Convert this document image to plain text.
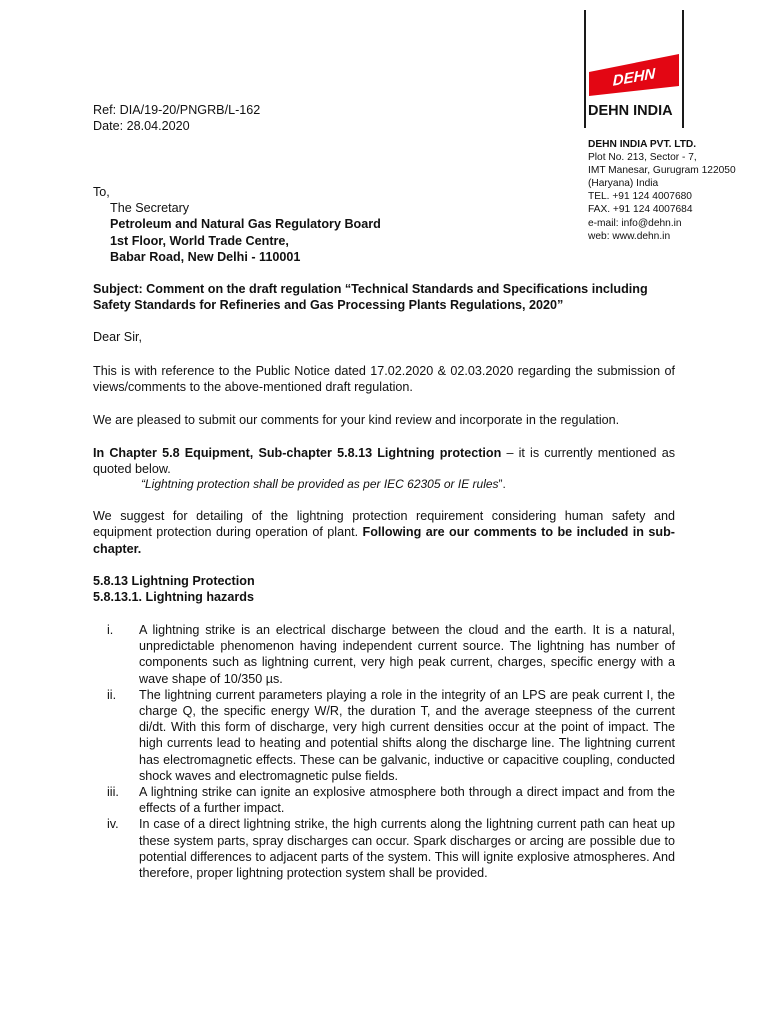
DEHN
DEHN INDIA
DEHN INDIA PVT. LTD.
Plot No. 213, Sector - 7,
IMT Manesar, Gurugram 122050
(Haryana) India
TEL. +91 124 4007680
FAX. +91 124 4007684
e-mail: info@dehn.in
web: www.dehn.in
Ref: DIA/19-20/PNGRB/L-162
Date: 28.04.2020
To,
The Secretary
Petroleum and Natural Gas Regulatory Board
1st Floor, World Trade Centre,
Babar Road, New Delhi - 110001
Subject: Comment on the draft regulation “Technical Standards and Specifications including Safety Standards for Refineries and Gas Processing Plants Regulations, 2020”
Dear Sir,
This is with reference to the Public Notice dated 17.02.2020 & 02.03.2020 regarding the submission of views/comments to the above-mentioned draft regulation.
We are pleased to submit our comments for your kind review and incorporate in the regulation.
In Chapter 5.8 Equipment, Sub-chapter 5.8.13 Lightning protection – it is currently mentioned as quoted below.
“Lightning protection shall be provided as per IEC 62305 or IE rules”.
We suggest for detailing of the lightning protection requirement considering human safety and equipment protection during operation of plant. Following are our comments to be included in sub-chapter.
5.8.13 Lightning Protection
5.8.13.1. Lightning hazards
i.	A lightning strike is an electrical discharge between the cloud and the earth. It is a natural, unpredictable phenomenon having independent current source. The lightning has number of components such as lightning current, very high peak current, charges, specific energy with a wave shape of 10/350 µs.
ii.	The lightning current parameters playing a role in the integrity of an LPS are peak current I, the charge Q, the specific energy W/R, the duration T, and the average steepness of the current di/dt. With this form of discharge, very high current densities occur at the point of impact. The high currents lead to heating and potential shifts along the discharge line. The lightning current has electromagnetic effects. These can be galvanic, inductive or capacitive coupling, conducted shock waves and electromagnetic pulse fields.
iii.	A lightning strike can ignite an explosive atmosphere both through a direct impact and from the effects of a further impact.
iv.	In case of a direct lightning strike, the high currents along the lightning current path can heat up these system parts, spray discharges can occur. Spark discharges or arcing are possible due to potential differences to adjacent parts of the system. This will ignite explosive atmospheres. And therefore, proper lightning protection system shall be provided.
